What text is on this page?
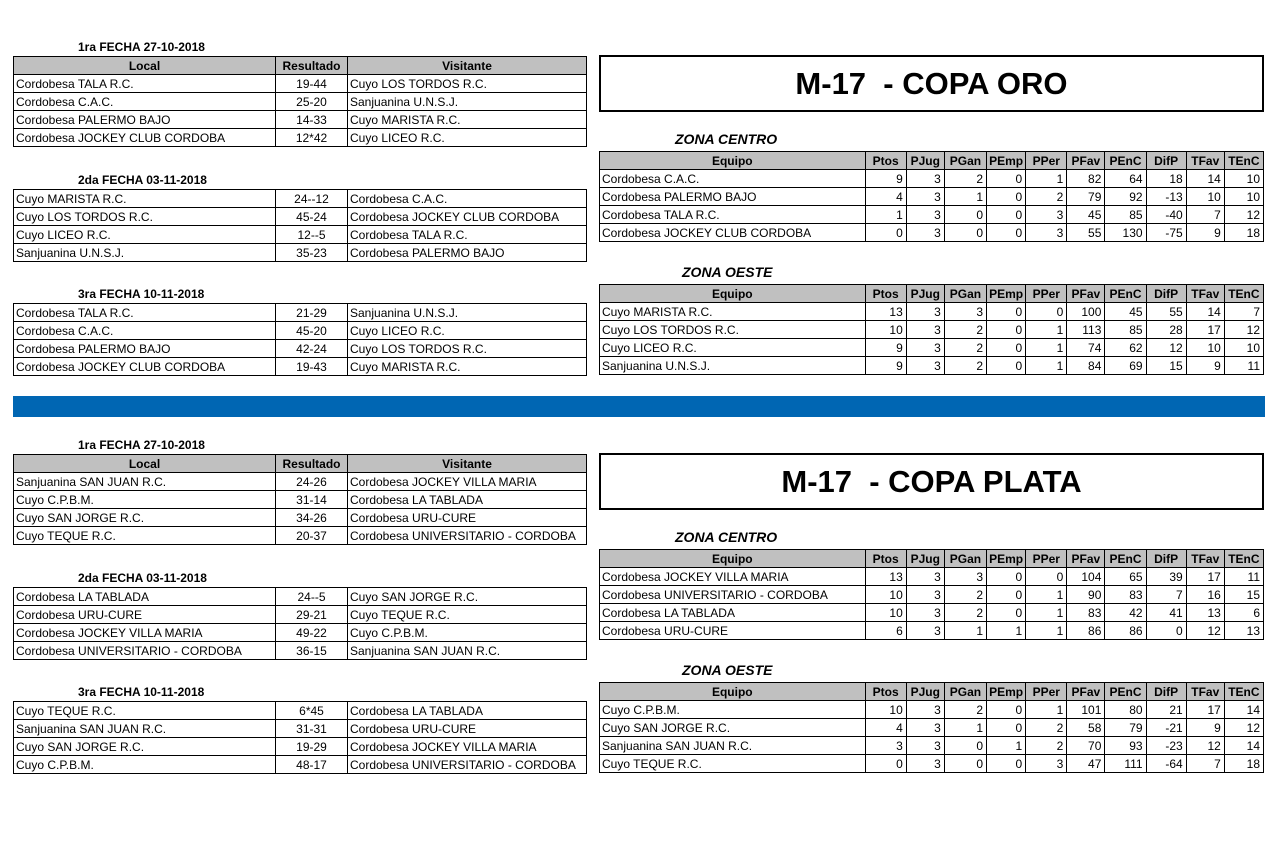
1ra FECHA 27-10-2018
Local	Resultado	Visitante
Cordobesa TALA R.C.	19-44	Cuyo LOS TORDOS R.C.
Cordobesa C.A.C.	25-20	Sanjuanina U.N.S.J.
Cordobesa PALERMO BAJO	14-33	Cuyo MARISTA R.C.
Cordobesa JOCKEY CLUB CORDOBA	12*42	Cuyo LICEO R.C.
2da FECHA 03-11-2018
Cuyo MARISTA R.C.	24--12	Cordobesa C.A.C.
Cuyo LOS TORDOS R.C.	45-24	Cordobesa JOCKEY CLUB CORDOBA
Cuyo LICEO R.C.	12--5	Cordobesa TALA R.C.
Sanjuanina U.N.S.J.	35-23	Cordobesa PALERMO BAJO
3ra FECHA 10-11-2018
Cordobesa TALA R.C.	21-29	Sanjuanina U.N.S.J.
Cordobesa C.A.C.	45-20	Cuyo LICEO R.C.
Cordobesa PALERMO BAJO	42-24	Cuyo LOS TORDOS R.C.
Cordobesa JOCKEY CLUB CORDOBA	19-43	Cuyo MARISTA R.C.
M-17  - COPA ORO
ZONA CENTRO
Equipo	Ptos	PJug	PGan	PEmp	PPer	PFav	PEnC	DifP	TFav	TEnC
Cordobesa C.A.C.	9	3	2	0	1	82	64	18	14	10
Cordobesa PALERMO BAJO	4	3	1	0	2	79	92	-13	10	10
Cordobesa TALA R.C.	1	3	0	0	3	45	85	-40	7	12
Cordobesa JOCKEY CLUB CORDOBA	0	3	0	0	3	55	130	-75	9	18
ZONA OESTE
Equipo	Ptos	PJug	PGan	PEmp	PPer	PFav	PEnC	DifP	TFav	TEnC
Cuyo MARISTA R.C.	13	3	3	0	0	100	45	55	14	7
Cuyo LOS TORDOS R.C.	10	3	2	0	1	113	85	28	17	12
Cuyo LICEO R.C.	9	3	2	0	1	74	62	12	10	10
Sanjuanina U.N.S.J.	9	3	2	0	1	84	69	15	9	11
1ra FECHA 27-10-2018
Local	Resultado	Visitante
Sanjuanina SAN JUAN R.C.	24-26	Cordobesa JOCKEY VILLA MARIA
Cuyo C.P.B.M.	31-14	Cordobesa LA TABLADA
Cuyo SAN JORGE R.C.	34-26	Cordobesa URU-CURE
Cuyo TEQUE R.C.	20-37	Cordobesa UNIVERSITARIO - CORDOBA
2da FECHA 03-11-2018
Cordobesa LA TABLADA	24--5	Cuyo SAN JORGE R.C.
Cordobesa URU-CURE	29-21	Cuyo TEQUE R.C.
Cordobesa JOCKEY VILLA MARIA	49-22	Cuyo C.P.B.M.
Cordobesa UNIVERSITARIO - CORDOBA	36-15	Sanjuanina SAN JUAN R.C.
3ra FECHA 10-11-2018
Cuyo TEQUE R.C.	6*45	Cordobesa LA TABLADA
Sanjuanina SAN JUAN R.C.	31-31	Cordobesa URU-CURE
Cuyo SAN JORGE R.C.	19-29	Cordobesa JOCKEY VILLA MARIA
Cuyo C.P.B.M.	48-17	Cordobesa UNIVERSITARIO - CORDOBA
M-17  - COPA PLATA
ZONA CENTRO
Equipo	Ptos	PJug	PGan	PEmp	PPer	PFav	PEnC	DifP	TFav	TEnC
Cordobesa JOCKEY VILLA MARIA	13	3	3	0	0	104	65	39	17	11
Cordobesa UNIVERSITARIO - CORDOBA	10	3	2	0	1	90	83	7	16	15
Cordobesa LA TABLADA	10	3	2	0	1	83	42	41	13	6
Cordobesa URU-CURE	6	3	1	1	1	86	86	0	12	13
ZONA OESTE
Equipo	Ptos	PJug	PGan	PEmp	PPer	PFav	PEnC	DifP	TFav	TEnC
Cuyo C.P.B.M.	10	3	2	0	1	101	80	21	17	14
Cuyo SAN JORGE R.C.	4	3	1	0	2	58	79	-21	9	12
Sanjuanina SAN JUAN R.C.	3	3	0	1	2	70	93	-23	12	14
Cuyo TEQUE R.C.	0	3	0	0	3	47	111	-64	7	18
